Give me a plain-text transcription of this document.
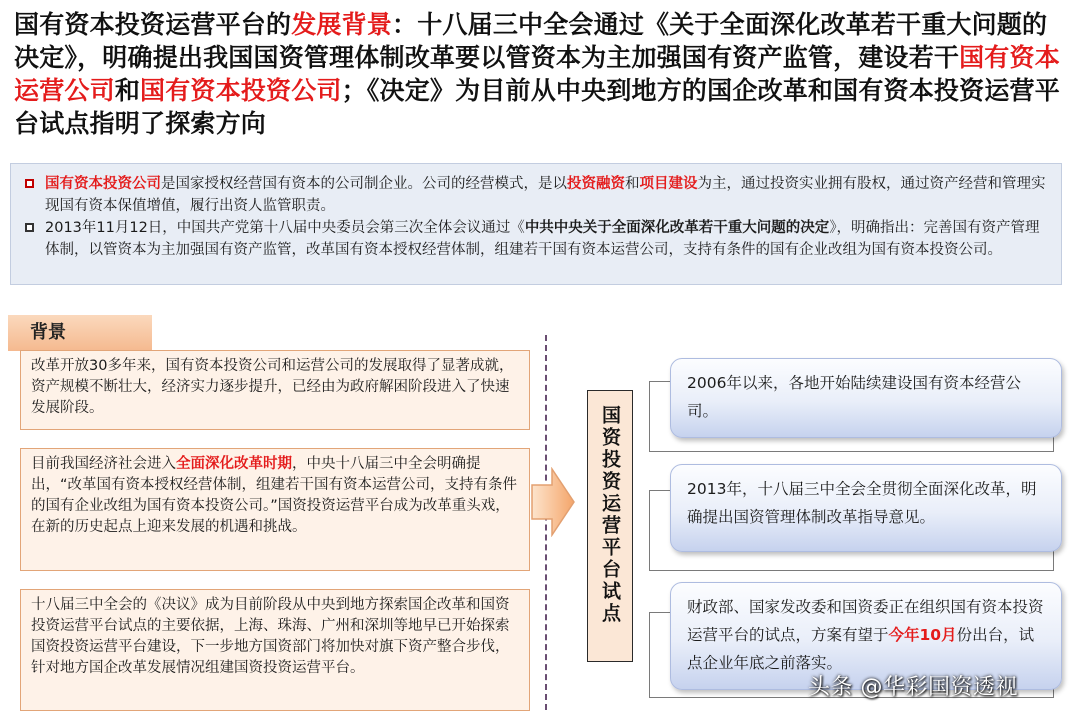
国有资本投资运营平台的发展背景：十八届三中全会通过《关于全面深化改革若干重大问题的决定》，明确提出我国国资管理体制改革要以管资本为主加强国有资产监管，建设若干国有资本运营公司和国有资本投资公司；《决定》为目前从中央到地方的国企改革和国有资本投资运营平台试点指明了探索方向
国有资本投资公司是国家授权经营国有资本的公司制企业。公司的经营模式，是以投资融资和项目建设为主，通过投资实业拥有股权，通过资产经营和管理实现国有资本保值增值，履行出资人监管职责。
2013年11月12日，中国共产党第十八届中央委员会第三次全体会议通过《中共中央关于全面深化改革若干重大问题的决定》，明确指出：完善国有资产管理体制，以管资本为主加强国有资产监管，改革国有资本授权经营体制，组建若干国有资本运营公司，支持有条件的国有企业改组为国有资本投资公司。
背景
改革开放30多年来，国有资本投资公司和运营公司的发展取得了显著成就，资产规模不断壮大，经济实力逐步提升，已经由为政府解困阶段进入了快速发展阶段。
目前我国经济社会进入全面深化改革时期，中央十八届三中全会明确提出，“改革国有资本授权经营体制，组建若干国有资本运营公司，支持有条件的国有企业改组为国有资本投资公司。”国资投资运营平台成为改革重头戏，在新的历史起点上迎来发展的机遇和挑战。
十八届三中全会的《决议》成为目前阶段从中央到地方探索国企改革和国资投资运营平台试点的主要依据，上海、珠海、广州和深圳等地早已开始探索国资投资运营平台建设，下一步地方国资部门将加快对旗下资产整合步伐，针对地方国企改革发展情况组建国资投资运营平台。
国资投资运营平台试点
2006年以来，各地开始陆续建设国有资本经营公司。
2013年，十八届三中全会全贯彻全面深化改革，明确提出国资管理体制改革指导意见。
财政部、国家发改委和国资委正在组织国有资本投资运营平台的试点，方案有望于今年10月份出台，试点企业年底之前落实。
头条 @华彩国资透视
